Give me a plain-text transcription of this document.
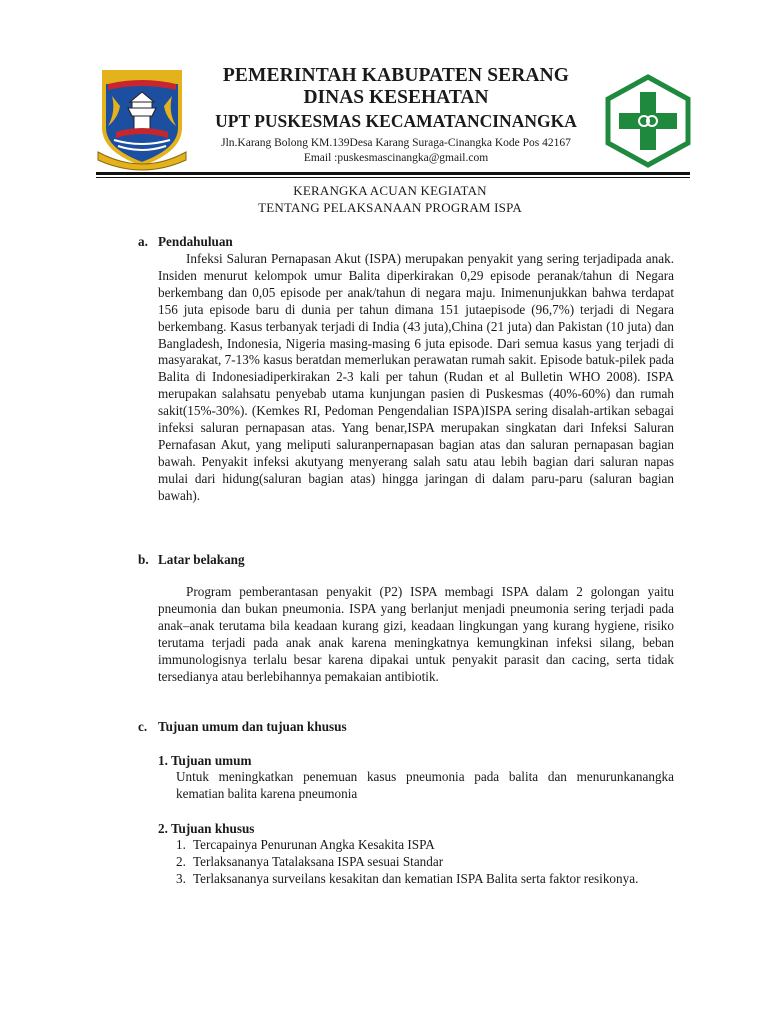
PEMERINTAH KABUPATEN SERANG
DINAS KESEHATAN
UPT PUSKESMAS KECAMATANCINANGKA
Jln.Karang Bolong KM.139Desa Karang Suraga-Cinangka Kode Pos 42167
Email :puskesmascinangka@gmail.com
KERANGKA ACUAN KEGIATAN
TENTANG PELAKSANAAN PROGRAM ISPA
a. Pendahuluan

Infeksi Saluran Pernapasan Akut (ISPA) merupakan penyakit yang sering terjadipada anak. Insiden menurut kelompok umur Balita diperkirakan 0,29 episode peranak/tahun di Negara berkembang dan 0,05 episode per anak/tahun di negara maju. Inimenunjukkan bahwa terdapat 156 juta episode baru di dunia per tahun dimana 151 jutaepisode (96,7%) terjadi di Negara berkembang. Kasus terbanyak terjadi di India (43 juta),China (21 juta) dan Pakistan (10 juta) dan Bangladesh, Indonesia, Nigeria masing-masing 6 juta episode. Dari semua kasus yang terjadi di masyarakat, 7-13% kasus beratdan memerlukan perawatan rumah sakit. Episode batuk-pilek pada Balita di Indonesiadiperkirakan 2-3 kali per tahun (Rudan et al Bulletin WHO 2008). ISPA merupakan salahsatu penyebab utama kunjungan pasien di Puskesmas (40%-60%) dan rumah sakit(15%-30%). (Kemkes RI, Pedoman Pengendalian ISPA)ISPA sering disalah-artikan sebagai infeksi saluran pernapasan atas. Yang benar,ISPA merupakan singkatan dari Infeksi Saluran Pernafasan Akut, yang meliputi saluranpernapasan bagian atas dan saluran pernapasan bagian bawah. Penyakit infeksi akutyang menyerang salah satu atau lebih bagian dari saluran napas mulai dari hidung(saluran bagian atas) hingga jaringan di dalam paru-paru (saluran bagian bawah).

b. Latar belakang

Program pemberantasan penyakit (P2) ISPA membagi ISPA dalam 2 golongan yaitu pneumonia dan bukan pneumonia. ISPA yang berlanjut menjadi pneumonia sering terjadi pada anak–anak terutama bila keadaan kurang gizi, keadaan lingkungan yang kurang hygiene, risiko terutama terjadi pada anak anak karena meningkatnya kemungkinan infeksi silang, beban immunologisnya terlalu besar karena dipakai untuk penyakit parasit dan cacing, serta tidak tersedianya atau berlebihannya pemakaian antibiotik.

c. Tujuan umum dan tujuan khusus
1. Tujuan umum
Untuk meningkatkan penemuan kasus pneumonia pada balita dan menurunkanangka kematian balita karena pneumonia
2. Tujuan khusus
1. Tercapainya Penurunan Angka Kesakita ISPA
2. Terlaksananya Tatalaksana ISPA sesuai Standar
3. Terlaksananya surveilans kesakitan dan kematian ISPA Balita serta faktor resikonya.
